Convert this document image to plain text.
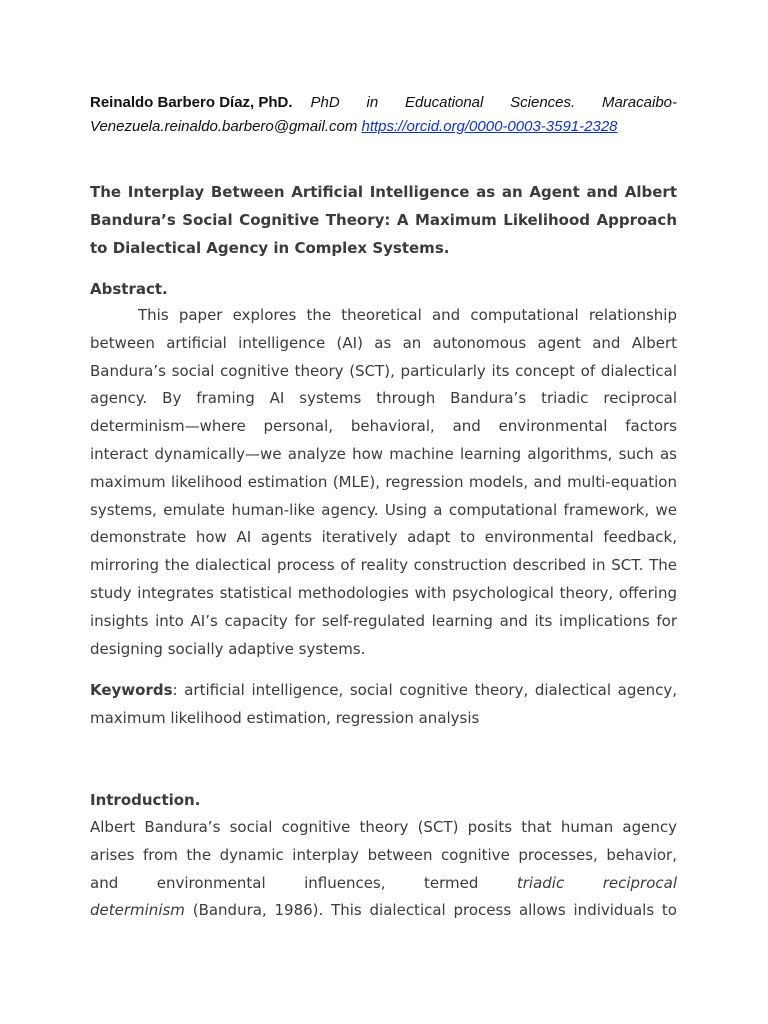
Reinaldo Barbero Díaz, PhD. PhD in Educational Sciences. Maracaibo-
Venezuela.reinaldo.barbero@gmail.com https://orcid.org/0000-0003-3591-2328
The Interplay Between Artificial Intelligence as an Agent and Albert
Bandura’s Social Cognitive Theory: A Maximum Likelihood Approach
to Dialectical Agency in Complex Systems.
Abstract.
This paper explores the theoretical and computational relationship
between artificial intelligence (AI) as an autonomous agent and Albert
Bandura’s social cognitive theory (SCT), particularly its concept of dialectical
agency. By framing AI systems through Bandura’s triadic reciprocal
determinism—where personal, behavioral, and environmental factors
interact dynamically—we analyze how machine learning algorithms, such as
maximum likelihood estimation (MLE), regression models, and multi-equation
systems, emulate human-like agency. Using a computational framework, we
demonstrate how AI agents iteratively adapt to environmental feedback,
mirroring the dialectical process of reality construction described in SCT. The
study integrates statistical methodologies with psychological theory, offering
insights into AI’s capacity for self-regulated learning and its implications for
designing socially adaptive systems.
Keywords: artificial intelligence, social cognitive theory, dialectical agency,
maximum likelihood estimation, regression analysis
Introduction.
Albert Bandura’s social cognitive theory (SCT) posits that human agency
arises from the dynamic interplay between cognitive processes, behavior,
and	environmental	influences,	termed	triadic	reciprocal
determinism (Bandura, 1986). This dialectical process allows individuals to
